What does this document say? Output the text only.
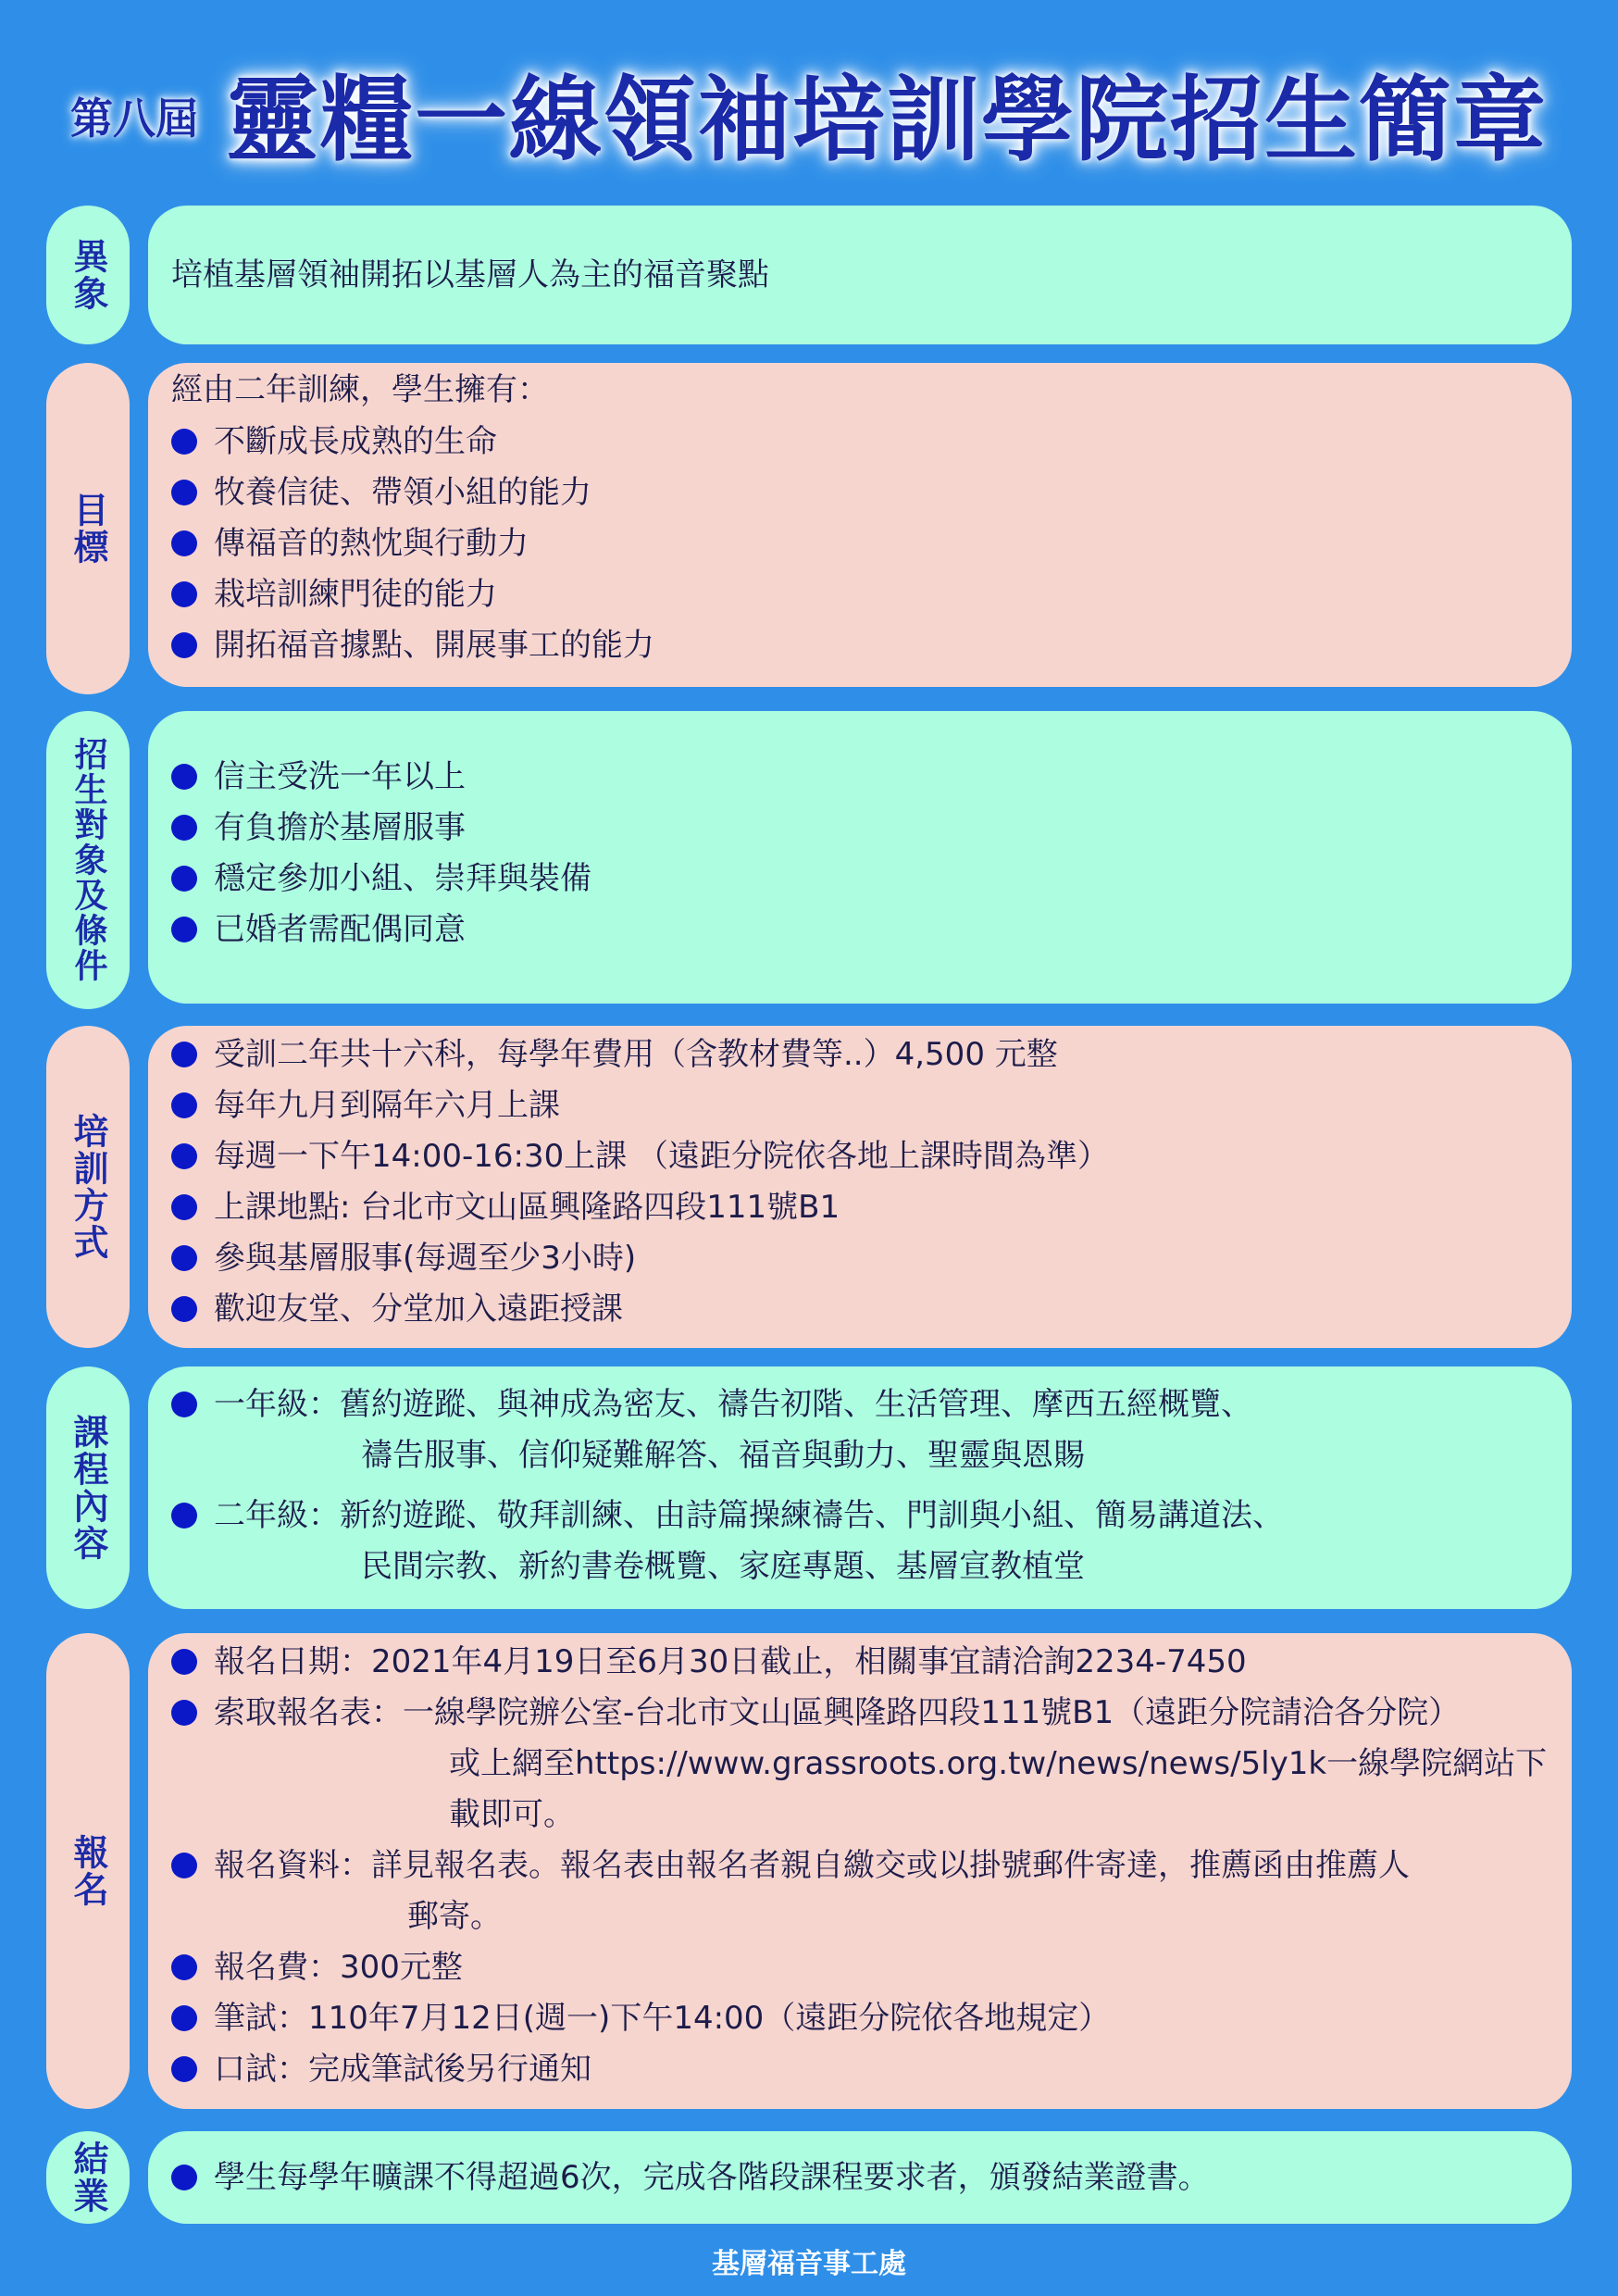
第八屆 靈糧一線領袖培訓學院招生簡章
異象 培植基層領袖開拓以基層人為主的福音聚點
目標
經由二年訓練，學生擁有：
不斷成長成熟的生命
牧養信徒、帶領小組的能力
傳福音的熱忱與行動力
栽培訓練門徒的能力
開拓福音據點、開展事工的能力
招生對象及條件	信主受洗一年以上
有負擔於基層服事
穩定參加小組、崇拜與裝備
已婚者需配偶同意
培訓方式
受訓二年共十六科，每學年費用（含教材費等..）4,500 元整
每年九月到隔年六月上課
每週一下午14:00-16:30上課 （遠距分院依各地上課時間為準）
上課地點: 台北市文山區興隆路四段111號B1
參與基層服事(每週至少3小時)
歡迎友堂、分堂加入遠距授課
課程內容
一年級：舊約遊蹤、與神成為密友、禱告初階、生活管理、摩西五經概覽、
禱告服事、信仰疑難解答、福音與動力、聖靈與恩賜
二年級：新約遊蹤、敬拜訓練、由詩篇操練禱告、門訓與小組、簡易講道法、
民間宗教、新約書卷概覽、家庭專題、基層宣教植堂
報名
報名日期：2021年4月19日至6月30日截止，相關事宜請洽詢2234-7450
索取報名表：一線學院辦公室-台北市文山區興隆路四段111號B1（遠距分院請洽各分院）
或上網至https://www.grassroots.org.tw/news/news/5ly1k一線學院網站下
載即可。
報名資料：詳見報名表。報名表由報名者親自繳交或以掛號郵件寄達，推薦函由推薦人
郵寄。
報名費：300元整
筆試：110年7月12日(週一)下午14:00（遠距分院依各地規定）
口試：完成筆試後另行通知
結業	學生每學年曠課不得超過6次，完成各階段課程要求者，頒發結業證書。
基層福音事工處
